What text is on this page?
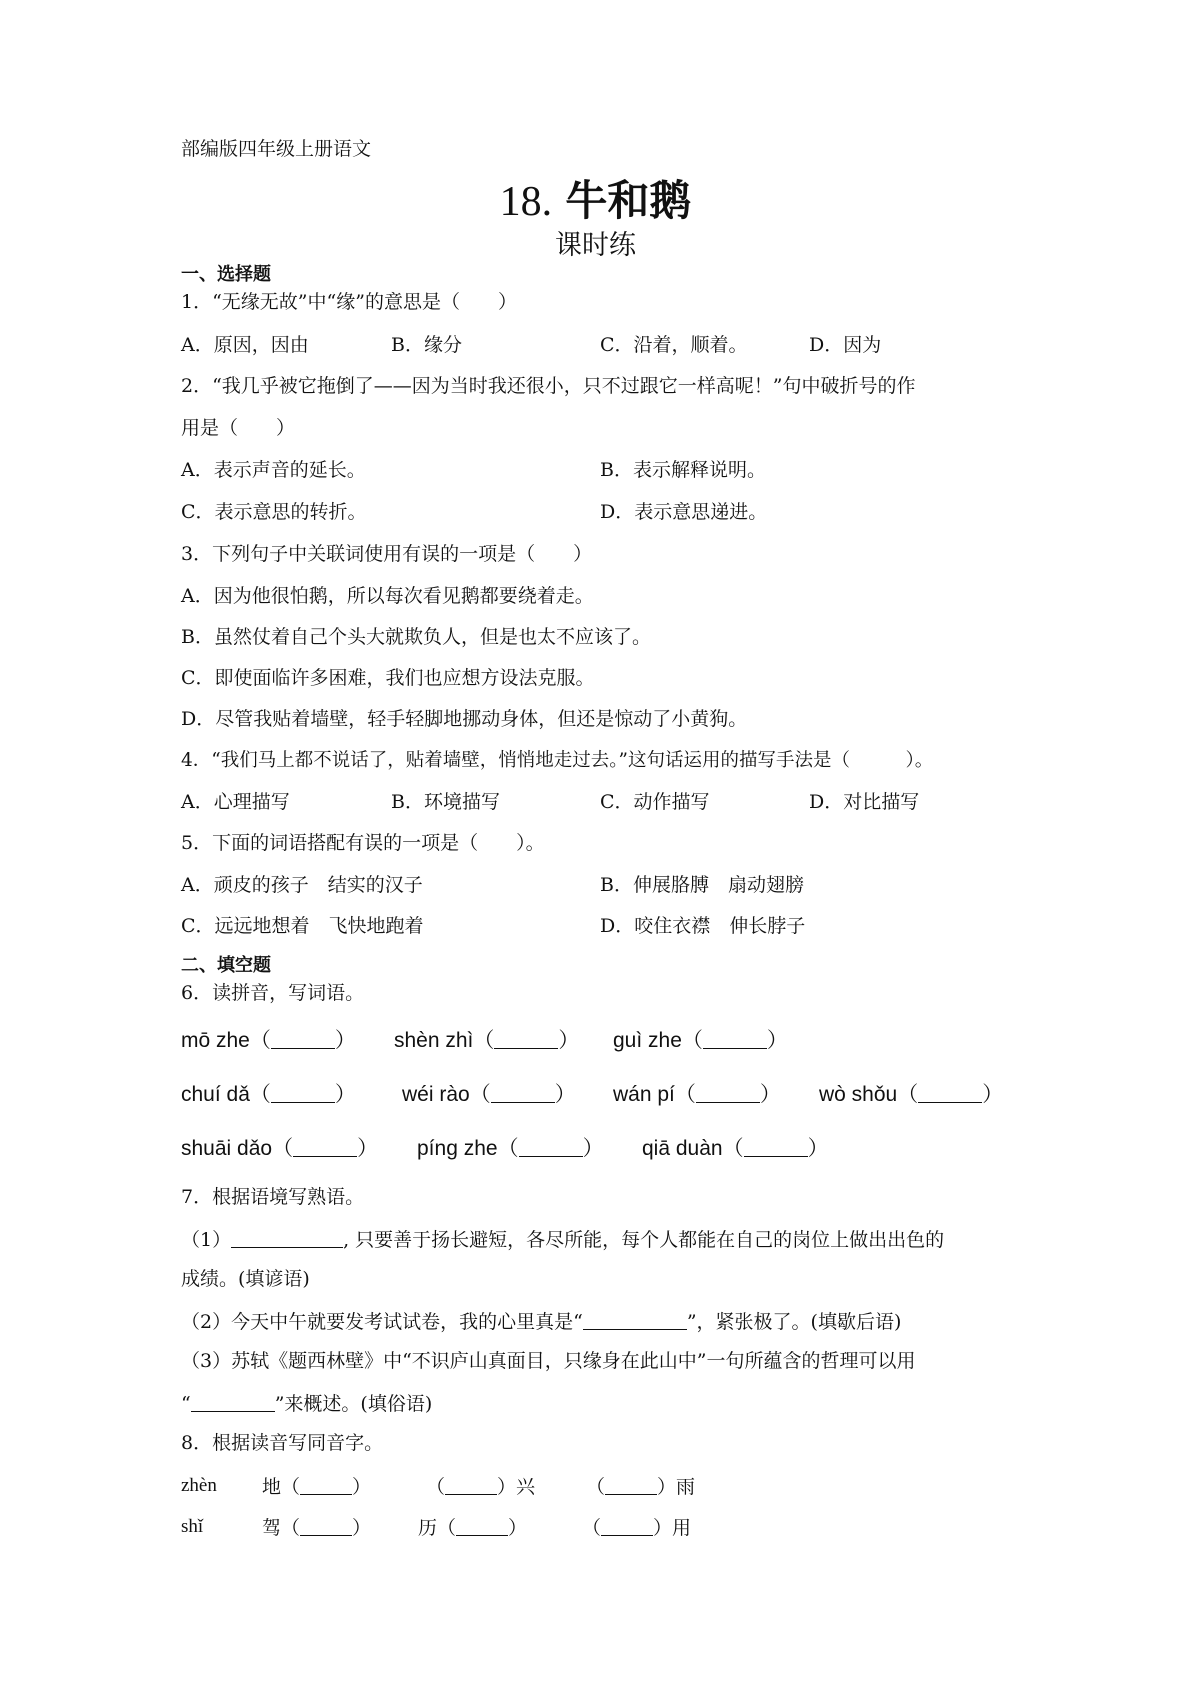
部编版四年级上册语文
18. 牛和鹅
课时练
一、选择题
1．“无缘无故”中“缘”的意思是（　　）
A．原因，因由	B．缘分	C．沿着，顺着。	D．因为
2．“我几乎被它拖倒了——因为当时我还很小，只不过跟它一样高呢！”句中破折号的作
用是（　　）
A．表示声音的延长。	B．表示解释说明。
C．表示意思的转折。	D．表示意思递进。
3．下列句子中关联词使用有误的一项是（　　）
A．因为他很怕鹅，所以每次看见鹅都要绕着走。
B．虽然仗着自己个头大就欺负人，但是也太不应该了。
C．即使面临许多困难，我们也应想方设法克服。
D．尽管我贴着墙壁，轻手轻脚地挪动身体，但还是惊动了小黄狗。
4．“我们马上都不说话了，贴着墙壁，悄悄地走过去。”这句话运用的描写手法是（　　　）。
A．心理描写	B．环境描写	C．动作描写	D．对比描写
5．下面的词语搭配有误的一项是（　　）。
A．顽皮的孩子　结实的汉子	B．伸展胳膊　扇动翅膀
C．远远地想着　飞快地跑着	D．咬住衣襟　伸长脖子
二、填空题
6．读拼音，写词语。
mō zhe（	） shèn zhì（	） guì zhe（	）
chuí dǎ（	） wéi rào（	） wán pí（	） wò shǒu（	）
shuāi dǎo（	） píng zhe（	） qiā duàn（	）
7．根据语境写熟语。
（1）	, 只要善于扬长避短，各尽所能，每个人都能在自己的岗位上做出出色的
成绩。(填谚语)
（2）今天中午就要发考试试卷，我的心里真是“	”，紧张极了。(填歇后语)
（3）苏轼《题西林壁》中“不识庐山真面目，只缘身在此山中”一句所蕴含的哲理可以用
“	”来概述。(填俗语)
8．根据读音写同音字。
zhèn 地（	）	（	）兴	（	）雨
shǐ	驾（	） 历（	）	（	）用
